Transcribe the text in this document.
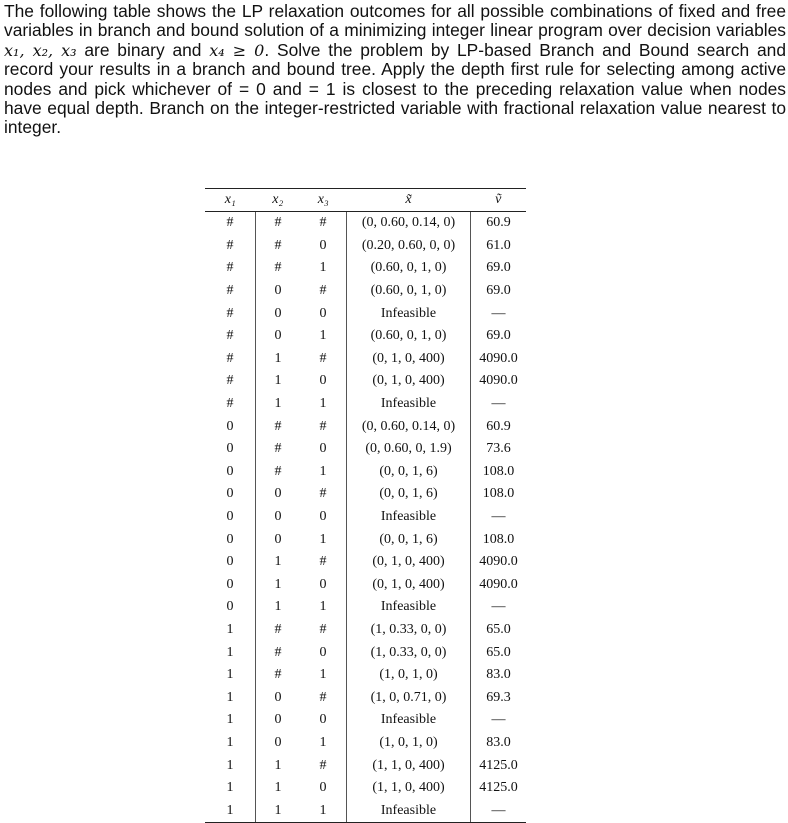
The following table shows the LP relaxation outcomes for all possible combinations of fixed and free variables in branch and bound solution of a minimizing integer linear program over decision variables x₁, x₂, x₃ are binary and x₄ ≥ 0. Solve the problem by LP-based Branch and Bound search and record your results in a branch and bound tree. Apply the depth first rule for selecting among active nodes and pick whichever of = 0 and = 1 is closest to the preceding relaxation value when nodes have equal depth. Branch on the integer-restricted variable with fractional relaxation value nearest to integer.
x₁	x₂	x₃	x̃	ṽ
#	#	#	(0, 0.60, 0.14, 0)	60.9
#	#	0	(0.20, 0.60, 0, 0)	61.0
#	#	1	(0.60, 0, 1, 0)	69.0
#	0	#	(0.60, 0, 1, 0)	69.0
#	0	0	Infeasible	—
#	0	1	(0.60, 0, 1, 0)	69.0
#	1	#	(0, 1, 0, 400)	4090.0
#	1	0	(0, 1, 0, 400)	4090.0
#	1	1	Infeasible	—
0	#	#	(0, 0.60, 0.14, 0)	60.9
0	#	0	(0, 0.60, 0, 1.9)	73.6
0	#	1	(0, 0, 1, 6)	108.0
0	0	#	(0, 0, 1, 6)	108.0
0	0	0	Infeasible	—
0	0	1	(0, 0, 1, 6)	108.0
0	1	#	(0, 1, 0, 400)	4090.0
0	1	0	(0, 1, 0, 400)	4090.0
0	1	1	Infeasible	—
1	#	#	(1, 0.33, 0, 0)	65.0
1	#	0	(1, 0.33, 0, 0)	65.0
1	#	1	(1, 0, 1, 0)	83.0
1	0	#	(1, 0, 0.71, 0)	69.3
1	0	0	Infeasible	—
1	0	1	(1, 0, 1, 0)	83.0
1	1	#	(1, 1, 0, 400)	4125.0
1	1	0	(1, 1, 0, 400)	4125.0
1	1	1	Infeasible	—
